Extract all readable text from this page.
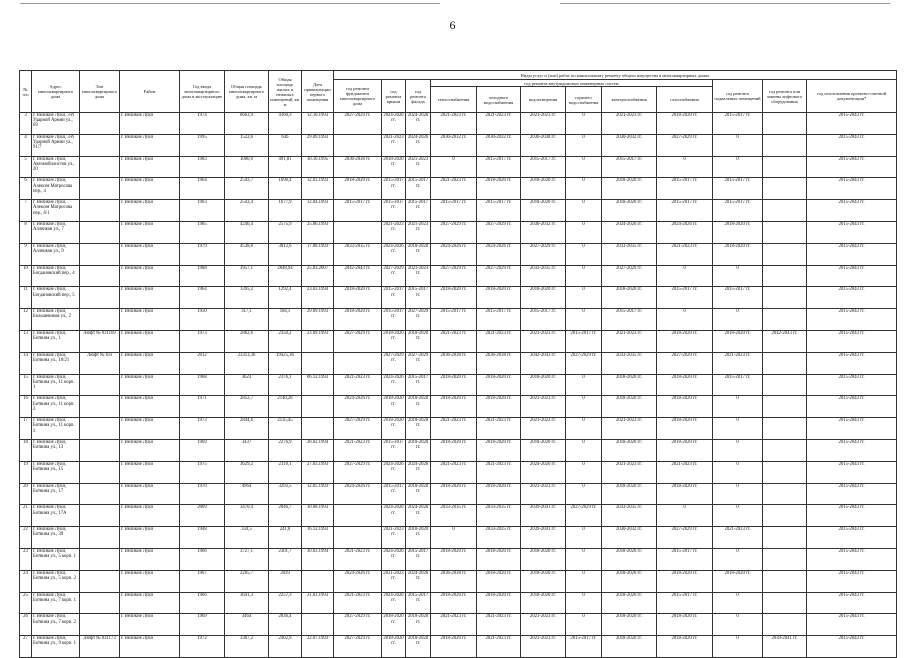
6
№ п/п	Адрес многоквартирного дома	Тип многоквартирного дома	Район	Год ввода многоквартирного дома в эксплуатацию	Общая площадь многоквартирного дома, кв. м	Общая площадь жилых и нежилых помещений, кв. м	Дата приватизации первого помещения	Виды услуг и (или) работ по капитальному ремонту общего имущества в многоквартирных домах											
								год ремонта фундамента многоквартирного дома	год ремонта крыши	год ремонта фасада	год ремонта внутридомовых инженерных систем						год ремонта подвальных помещений	год ремонта или замены лифтового оборудования	год изготовления проектно-сметной документации*
											теплоснабжения	холодного водоснабжения	водоотведения	горячего водоснабжения	электроснабжения	газоснабжения			
3	г. Великие Луки, 3-й Ударной Армии ул., 69		г. Великие Луки	1974	6663,9	4160,3	12.10.1993	2027-2029 гг.	2024-2026 гг.	2024-2026 гг.	2021-2023 гг.	2021-2023 гг.	2021-2023 гг.	0	2021-2023 гг.	2018-2020 гг.	2015-2017 гг.		2015-2043 гг.
4	г. Великие Луки, 3-й Ударной Армии ул., 91/7		г. Великие Луки	1995	1522,6	636	29.09.1993		2021-2023 гг.	2024-2026 гг.	2030-2032 гг.	2030-2032 гг.	2036-2038 гг.	0	2030-2032 гг.	2027-2029 гг.	0		2015-2043 гг.
5	г. Великие Луки, Автомобилистов ул., 20		г. Великие Луки	1983	1000,9	491,81	10.10.1995	2036-2038 гг.	2018-2020 гг.	2021-2023 гг.	0	2015-2017 гг.	2015-2017 гг.	0	2015-2017 гг.	0	0		2015-2043 гг.
6	г. Великие Луки, Алексея Матросова пер., 4		г. Великие Луки	1964	2543,7	1690,4	12.03.1993	2018-2020 гг.	2015-2017 гг.	2015-2017 гг.	2021-2023 гг.	2018-2020 гг.	2018-2020 гг.	0	2018-2020 гг.	2015-2017 гг.	2015-2017 гг.		2015-2043 гг.
7	г. Великие Луки, Алексея Матросова пер., 6/1		г. Великие Луки	1963	2543,4	1677,9	12.04.1993	2015-2017 гг.	2015-2017 гг.	2015-2017 гг.	2015-2017 гг.	2015-2017 гг.	2018-2020 гг.	0	2018-2020 гг.	2015-2017 гг.	2015-2017 гг.		2015-2043 гг.
8	г. Великие Луки, Аллеиков ул., 7		г. Великие Луки	1985	4246,4	2575,9	25.06.1993		2021-2023 гг.	2021-2023 гг.	2027-2029 гг.	2027-2029 гг.	2030-2032 гг.	0	2024-2026 гг.	2024-2026 гг.	2018-2020 гг.		2015-2043 гг.
9	г. Великие Луки, Аллеиков ул., 9		г. Великие Луки	1979	4538,8	3012,6	17.08.1993	2033-2035 гг.	2024-2026 гг.	2018-2020 гг.	2024-2026 гг.	2024-2026 гг.	2027-2029 гг.	0	2033-2035 гг.	2021-2023 гг.	2018-2020 гг.		2015-2043 гг.
10	г. Великие Луки, Богдановский пер., 4		г. Великие Луки	1988	3957,1	2848,94	25.03.2007	2042-2043 гг.	2027-2029 гг.	2021-2023 гг.	2027-2029 гг.	2027-2029 гг.	2033-2035 гг.	0	2027-2029 гг.	0	0		2015-2043 гг.
11	г. Великие Луки, Богдановский пер., 5		г. Великие Луки	1964	1395,2	1292,4	23.03.1994	2018-2020 гг.	2015-2017 гг.	2015-2017 гг.	2018-2020 гг.	2018-2020 гг.	2018-2020 гг.	0	2018-2020 гг.	2015-2017 гг.	2015-2017 гг.		2015-2043 гг.
12	г. Великие Луки, Большевиков ул., 2		г. Великие Луки	1950	317,1	184,1	29.09.1993	2018-2020 гг.	2015-2017 гг.	2027-2029 гг.	2015-2017 гг.	2015-2017 гг.	2015-2017 гг.	0	2015-2017 гг.	0	0		2015-2043 гг.
13	г. Великие Луки, Ботвина ул., 1	Люфт № 031169	г. Великие Луки	1973	2862,6	2350,2	23.09.1993	2027-2029 гг.	2018-2020 гг.	2018-2020 гг.	2021-2023 гг.	2021-2023 гг.	2021-2023 гг.	2015-2017 гг.	2021-2023 гг.	2018-2020 гг.	2018-2020 гг.	2042-2043 гг.	2015-2043 гг.
14	г. Великие Луки, Ботвина ул., 10/21	Люфт № 6/и	г. Великие Луки	2012	23313,36	19425,36			2027-2029 гг.	2027-2029 гг.	2036-2038 гг.	2036-2038 гг.	2042-2043 гг.	2027-2029 гг.	2033-2035 гг.	2027-2029 гг.	2021-2023 гг.		2015-2043 гг.
15	г. Великие Луки, Ботвина ул., 11 корп. 1		г. Великие Луки	1968	3623	2376,1	06.12.1993	2021-2023 гг.	2024-2026 гг.	2015-2017 гг.	2018-2020 гг.	2018-2020 гг.	2018-2020 гг.	0	2018-2020 гг.	2018-2020 гг.	2015-2017 гг.		2015-2043 гг.
16	г. Великие Луки, Ботвина ул., 11 корп. 2		г. Великие Луки	1971	2853,7	2140,28		2024-2026 гг.	2018-2020 гг.	2018-2020 гг.	2018-2020 гг.	2018-2020 гг.	2021-2023 гг.	0	2018-2020 гг.	2018-2020 гг.	0		2015-2043 гг.
17	г. Великие Луки, Ботвина ул., 11 корп. 3		г. Великие Луки	1973	2844,6	2135,45		2027-2029 гг.	2018-2020 гг.	2018-2020 гг.	2021-2023 гг.	2021-2023 гг.	2021-2023 гг.	0	2021-2023 гг.	2018-2020 гг.	0		2015-2043 гг.
18	г. Великие Луки, Ботвина ул., 13		г. Великие Луки	1969	3437	2276,9	28.02.1994	2021-2023 гг.	2015-2017 гг.	2018-2020 гг.	2018-2020 гг.	2018-2020 гг.	2018-2020 гг.	0	2018-2020 гг.	2018-2020 гг.	0		2015-2043 гг.
19	г. Великие Луки, Ботвина ул., 15		г. Великие Луки	1975	3629,2	2310,1	27.03.1993	2027-2029 гг.	2024-2026 гг.	2024-2026 гг.	2021-2023 гг.	2021-2023 гг.	2024-2026 гг.	0	2021-2023 гг.	2021-2023 гг.	0		2015-2043 гг.
20	г. Великие Луки, Ботвина ул., 17		г. Великие Луки	1970	4964	3293,5	12.05.1993	2024-2026 гг.	2015-2017 гг.	2018-2020 гг.	2018-2020 гг.	2018-2020 гг.	2021-2023 гг.	0	2018-2020 гг.	2018-2020 гг.	0		2015-2043 гг.
21	г. Великие Луки, Ботвина ул., 17А		г. Великие Луки	2009	3470,4	2046,7	10.08.1993		2024-2026 гг.	2024-2026 гг.	2033-2035 гг.	2033-2035 гг.	2039-2041 гг.	2027-2029 гг.	2033-2035 гг.	0	0		2015-2043 гг.
22	г. Великие Луки, Ботвина ул., 39		г. Великие Луки	1948	359,5	241,8	16.12.1993		2021-2023 гг.	2018-2020 гг.	0	2033-2035 гг.	2039-2041 гг.	0	2030-2032 гг.	2027-2029 гг.	2021-2023 гг.		2015-2043 гг.
23	г. Великие Луки, Ботвина ул., 5 корп. 1		г. Великие Луки	1966	3727,1	2301,7	30.03.1994	2021-2023 гг.	2024-2026 гг.	2015-2017 гг.	2018-2020 гг.	2018-2020 гг.	2018-2020 гг.	0	2018-2020 гг.	2015-2017 гг.	0		2015-2043 гг.
24	г. Великие Луки, Ботвина ул., 5 корп. 2		г. Великие Луки	1967	2205,7	2839		2024-2026 гг.	2021-2023 гг.	2024-2026 гг.	2036-2038 гг.	2018-2020 гг.	2018-2020 гг.	0	2018-2020 гг.	2018-2020 гг.	2018-2020 гг.		2015-2043 гг.
25	г. Великие Луки, Ботвина ул., 7 корп. 1		г. Великие Луки	1966	3641,3	2257,3	21.03.1993	2021-2023 гг.	2024-2026 гг.	2015-2017 гг.	2018-2020 гг.	2018-2020 гг.	2018-2020 гг.	0	2018-2020 гг.	2015-2017 гг.	0		2015-2043 гг.
26	г. Великие Луки, Ботвина ул., 7 корп. 2		г. Великие Луки	1969	3464	2836,4		2027-2029 гг.	2018-2020 гг.	2018-2020 гг.	2021-2023 гг.	2021-2023 гг.	2021-2023 гг.	0	2018-2020 гг.	2018-2020 гг.	0		2015-2043 гг.
27	г. Великие Луки, Ботвина ул., 9 корп. 1	Люфт № 031173	г. Великие Луки	1972	3367,2	2402,9	22.07.1993	2027-2029 гг.	2018-2020 гг.	2018-2020 гг.	2018-2020 гг.	2021-2023 гг.	2021-2023 гг.	2015-2017 гг.	2018-2020 гг.	2018-2020 гг.	0	2039-2041 гг.	2015-2043 гг.
